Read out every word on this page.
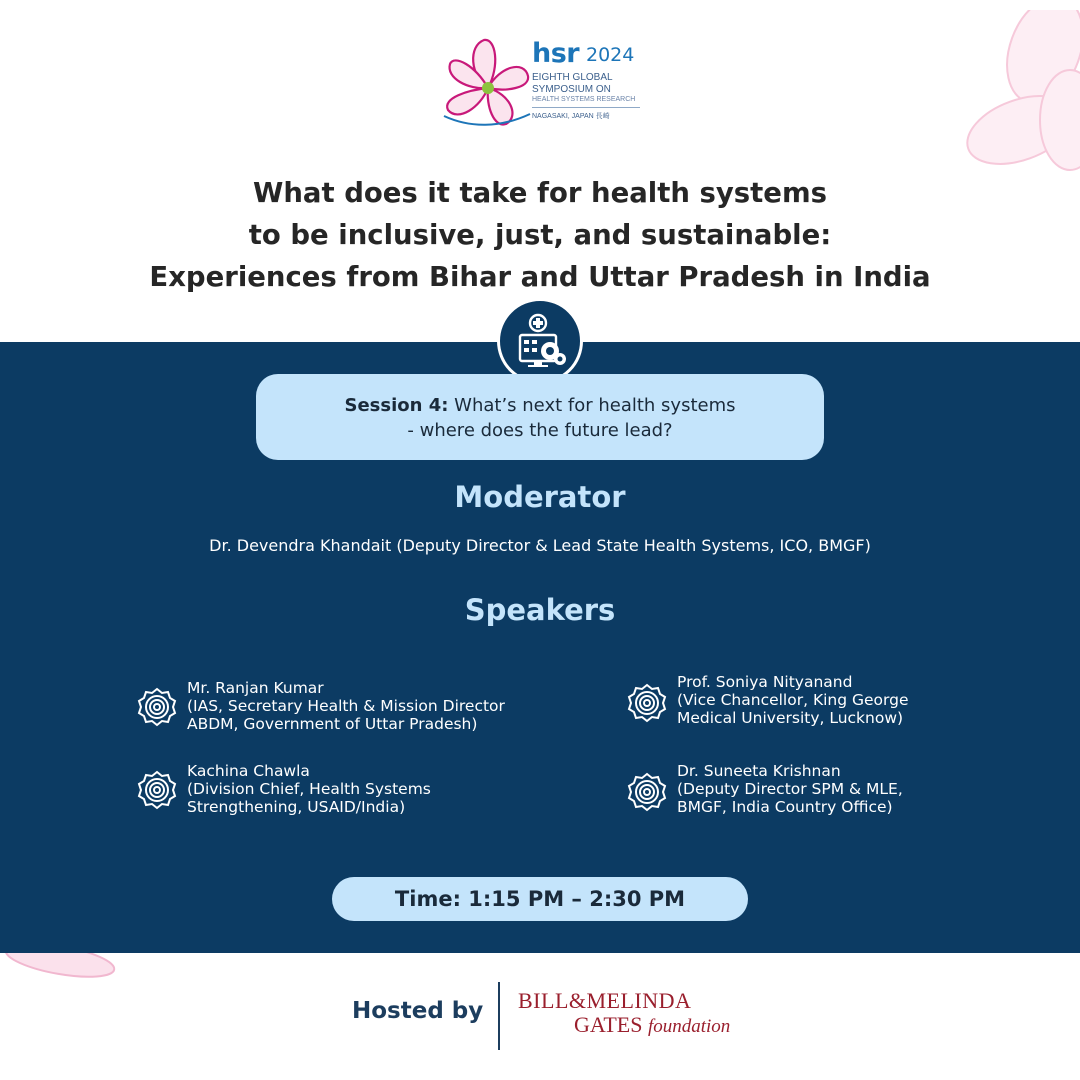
hsr 2024
EIGHTH GLOBAL
SYMPOSIUM ON
HEALTH SYSTEMS RESEARCH
NAGASAKI, JAPAN 長崎
What does it take for health systems
to be inclusive, just, and sustainable:
Experiences from Bihar and Uttar Pradesh in India
Session 4: What’s next for health systems
- where does the future lead?
Moderator
Dr. Devendra Khandait (Deputy Director & Lead State Health Systems, ICO, BMGF)
Speakers
Mr. Ranjan Kumar
(IAS, Secretary Health & Mission Director
ABDM, Government of Uttar Pradesh)
Prof. Soniya Nityanand
(Vice Chancellor, King George
Medical University, Lucknow)
Kachina Chawla
(Division Chief, Health Systems
Strengthening, USAID/India)
Dr. Suneeta Krishnan
(Deputy Director SPM & MLE,
BMGF, India Country Office)
Time: 1:15 PM – 2:30 PM
Hosted by BILL&MELINDA
GATES foundation
